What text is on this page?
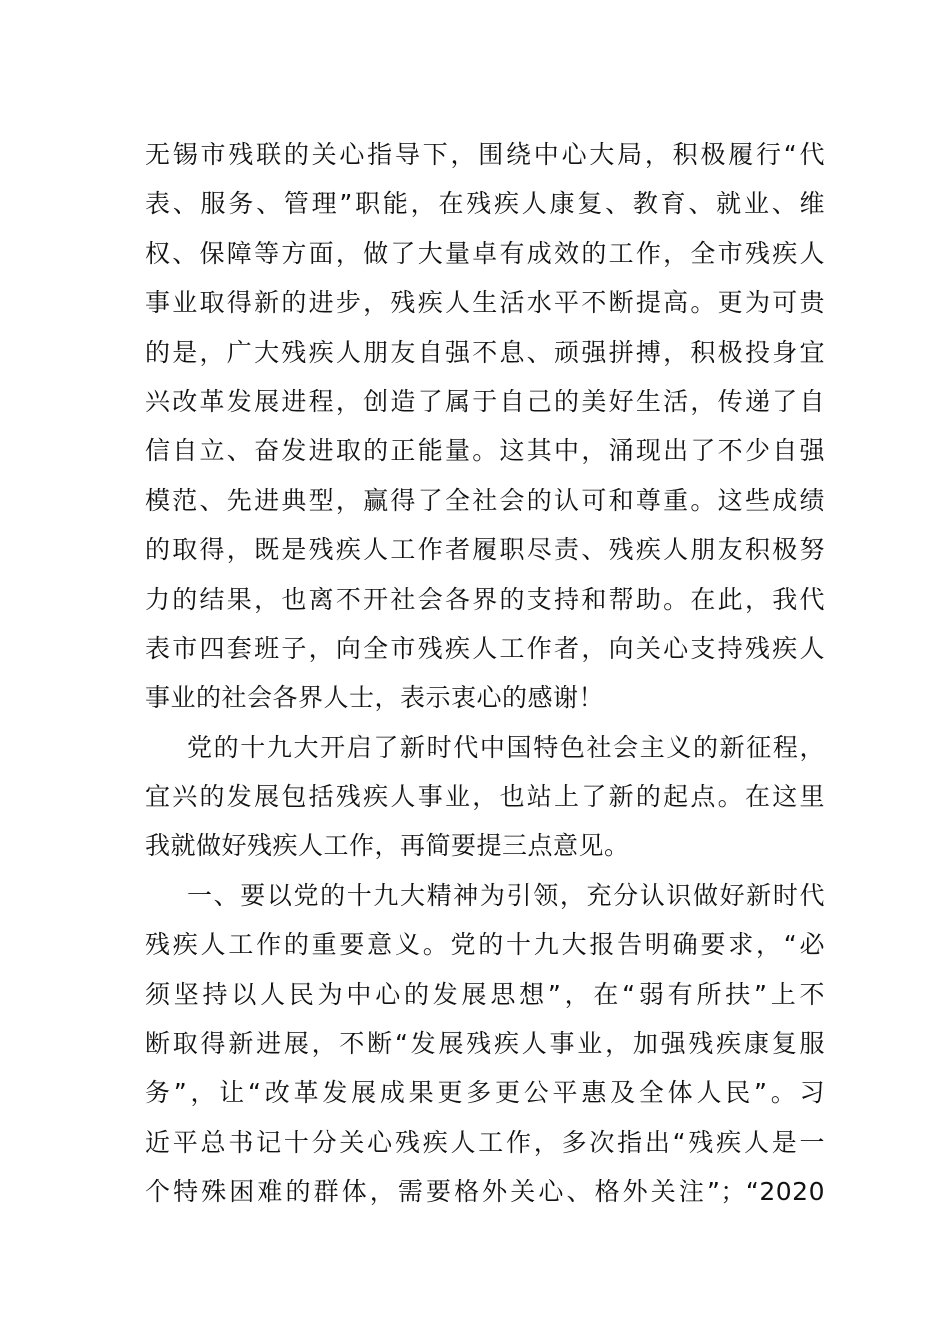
无锡市残联的关心指导下，围绕中心大局，积极履行“代
表、服务、管理”职能，在残疾人康复、教育、就业、维
权、保障等方面，做了大量卓有成效的工作，全市残疾人
事业取得新的进步，残疾人生活水平不断提高。更为可贵
的是，广大残疾人朋友自强不息、顽强拼搏，积极投身宜
兴改革发展进程，创造了属于自己的美好生活，传递了自
信自立、奋发进取的正能量。这其中，涌现出了不少自强
模范、先进典型，赢得了全社会的认可和尊重。这些成绩
的取得，既是残疾人工作者履职尽责、残疾人朋友积极努
力的结果，也离不开社会各界的支持和帮助。在此，我代
表市四套班子，向全市残疾人工作者，向关心支持残疾人
事业的社会各界人士，表示衷心的感谢！
党的十九大开启了新时代中国特色社会主义的新征程，
宜兴的发展包括残疾人事业，也站上了新的起点。在这里
我就做好残疾人工作，再简要提三点意见。
一、要以党的十九大精神为引领，充分认识做好新时代
残疾人工作的重要意义。党的十九大报告明确要求，“必
须坚持以人民为中心的发展思想”，在“弱有所扶”上不
断取得新进展，不断“发展残疾人事业，加强残疾康复服
务”，让“改革发展成果更多更公平惠及全体人民”。习
近平总书记十分关心残疾人工作，多次指出“残疾人是一
个特殊困难的群体，需要格外关心、格外关注”；“2020
